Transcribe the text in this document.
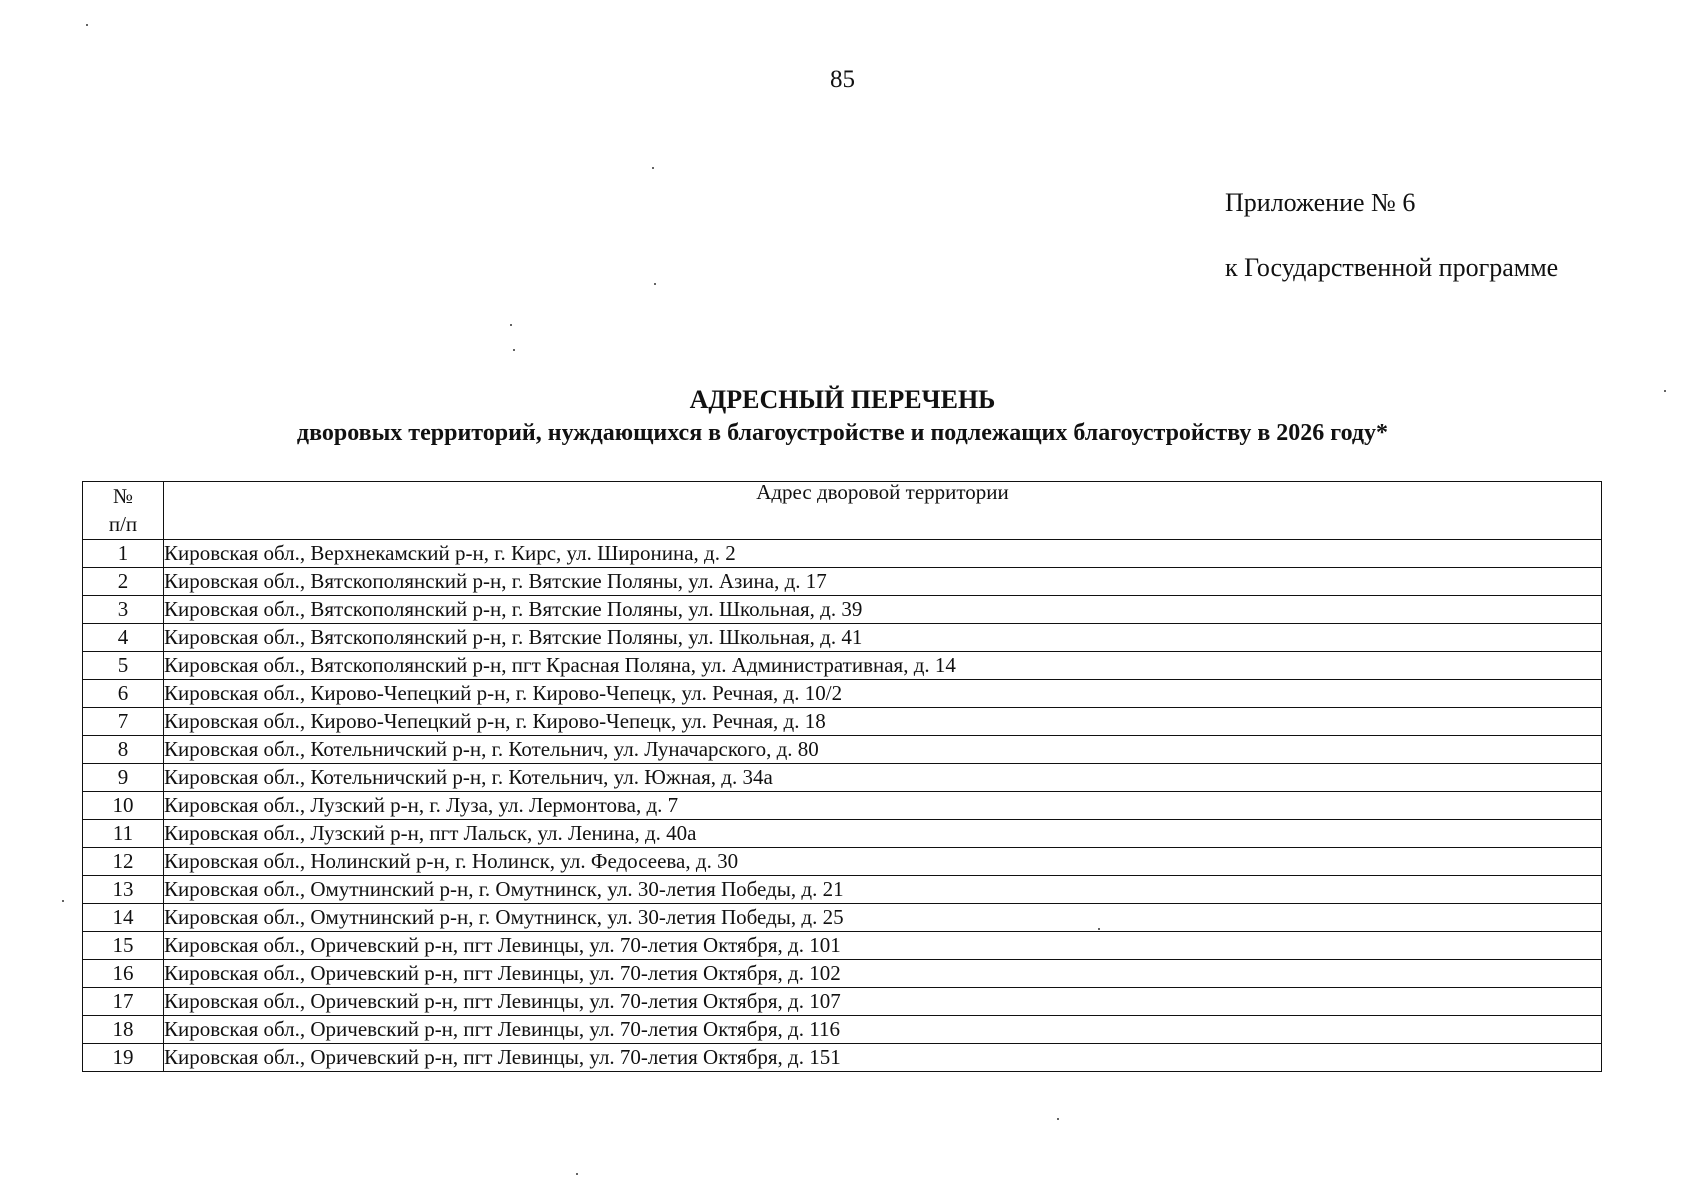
85
Приложение № 6
к Государственной программе
АДРЕСНЫЙ ПЕРЕЧЕНЬ
дворовых территорий, нуждающихся в благоустройстве и подлежащих благоустройству в 2026 году*
№
п/п	Адрес дворовой территории
1	Кировская обл., Верхнекамский р-н, г. Кирс, ул. Широнина, д. 2
2	Кировская обл., Вятскополянский р-н, г. Вятские Поляны, ул. Азина, д. 17
3	Кировская обл., Вятскополянский р-н, г. Вятские Поляны, ул. Школьная, д. 39
4	Кировская обл., Вятскополянский р-н, г. Вятские Поляны, ул. Школьная, д. 41
5	Кировская обл., Вятскополянский р-н, пгт Красная Поляна, ул. Административная, д. 14
6	Кировская обл., Кирово-Чепецкий р-н, г. Кирово-Чепецк, ул. Речная, д. 10/2
7	Кировская обл., Кирово-Чепецкий р-н, г. Кирово-Чепецк, ул. Речная, д. 18
8	Кировская обл., Котельничский р-н, г. Котельнич, ул. Луначарского, д. 80
9	Кировская обл., Котельничский р-н, г. Котельнич, ул. Южная, д. 34а
10	Кировская обл., Лузский р-н, г. Луза, ул. Лермонтова, д. 7
11	Кировская обл., Лузский р-н, пгт Лальск, ул. Ленина, д. 40а
12	Кировская обл., Нолинский р-н, г. Нолинск, ул. Федосеева, д. 30
13	Кировская обл., Омутнинский р-н, г. Омутнинск, ул. 30-летия Победы, д. 21
14	Кировская обл., Омутнинский р-н, г. Омутнинск, ул. 30-летия Победы, д. 25
15	Кировская обл., Оричевский р-н, пгт Левинцы, ул. 70-летия Октября, д. 101
16	Кировская обл., Оричевский р-н, пгт Левинцы, ул. 70-летия Октября, д. 102
17	Кировская обл., Оричевский р-н, пгт Левинцы, ул. 70-летия Октября, д. 107
18	Кировская обл., Оричевский р-н, пгт Левинцы, ул. 70-летия Октября, д. 116
19	Кировская обл., Оричевский р-н, пгт Левинцы, ул. 70-летия Октября, д. 151
